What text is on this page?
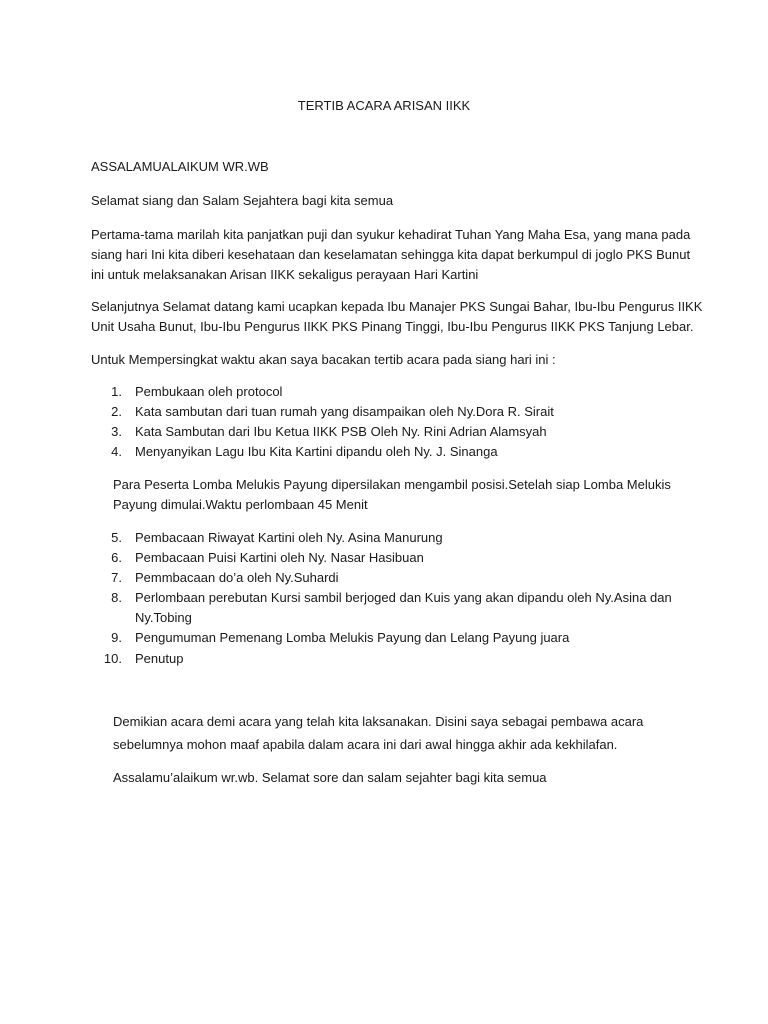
TERTIB ACARA ARISAN IIKK
ASSALAMUALAIKUM WR.WB
Selamat siang dan Salam Sejahtera bagi kita semua
Pertama-tama marilah kita panjatkan puji dan syukur kehadirat Tuhan Yang Maha Esa, yang mana pada
siang hari Ini kita diberi kesehataan dan keselamatan sehingga kita dapat berkumpul di joglo PKS Bunut
ini untuk melaksanakan Arisan IIKK sekaligus perayaan Hari Kartini
Selanjutnya Selamat datang kami ucapkan kepada Ibu Manajer PKS Sungai Bahar, Ibu-Ibu Pengurus IIKK
Unit Usaha Bunut, Ibu-Ibu Pengurus IIKK PKS Pinang Tinggi, Ibu-Ibu Pengurus IIKK PKS Tanjung Lebar.
Untuk Mempersingkat waktu akan saya bacakan tertib acara pada siang hari ini :
1. Pembukaan oleh protocol
2. Kata sambutan dari tuan rumah yang disampaikan oleh Ny.Dora R. Sirait
3. Kata Sambutan dari Ibu Ketua IIKK PSB Oleh Ny. Rini Adrian Alamsyah
4. Menyanyikan Lagu Ibu Kita Kartini dipandu oleh Ny. J. Sinanga
Para Peserta Lomba Melukis Payung dipersilakan mengambil posisi.Setelah siap Lomba Melukis
Payung dimulai.Waktu perlombaan 45 Menit
5. Pembacaan Riwayat Kartini oleh Ny. Asina Manurung
6. Pembacaan Puisi Kartini oleh Ny. Nasar Hasibuan
7. Pemmbacaan do’a oleh Ny.Suhardi
8. Perlombaan perebutan Kursi sambil berjoged dan Kuis yang akan dipandu oleh Ny.Asina dan
Ny.Tobing
9. Pengumuman Pemenang Lomba Melukis Payung dan Lelang Payung juara
10. Penutup
Demikian acara demi acara yang telah kita laksanakan. Disini saya sebagai pembawa acara
sebelumnya mohon maaf apabila dalam acara ini dari awal hingga akhir ada kekhilafan.
Assalamu’alaikum wr.wb. Selamat sore dan salam sejahter bagi kita semua
